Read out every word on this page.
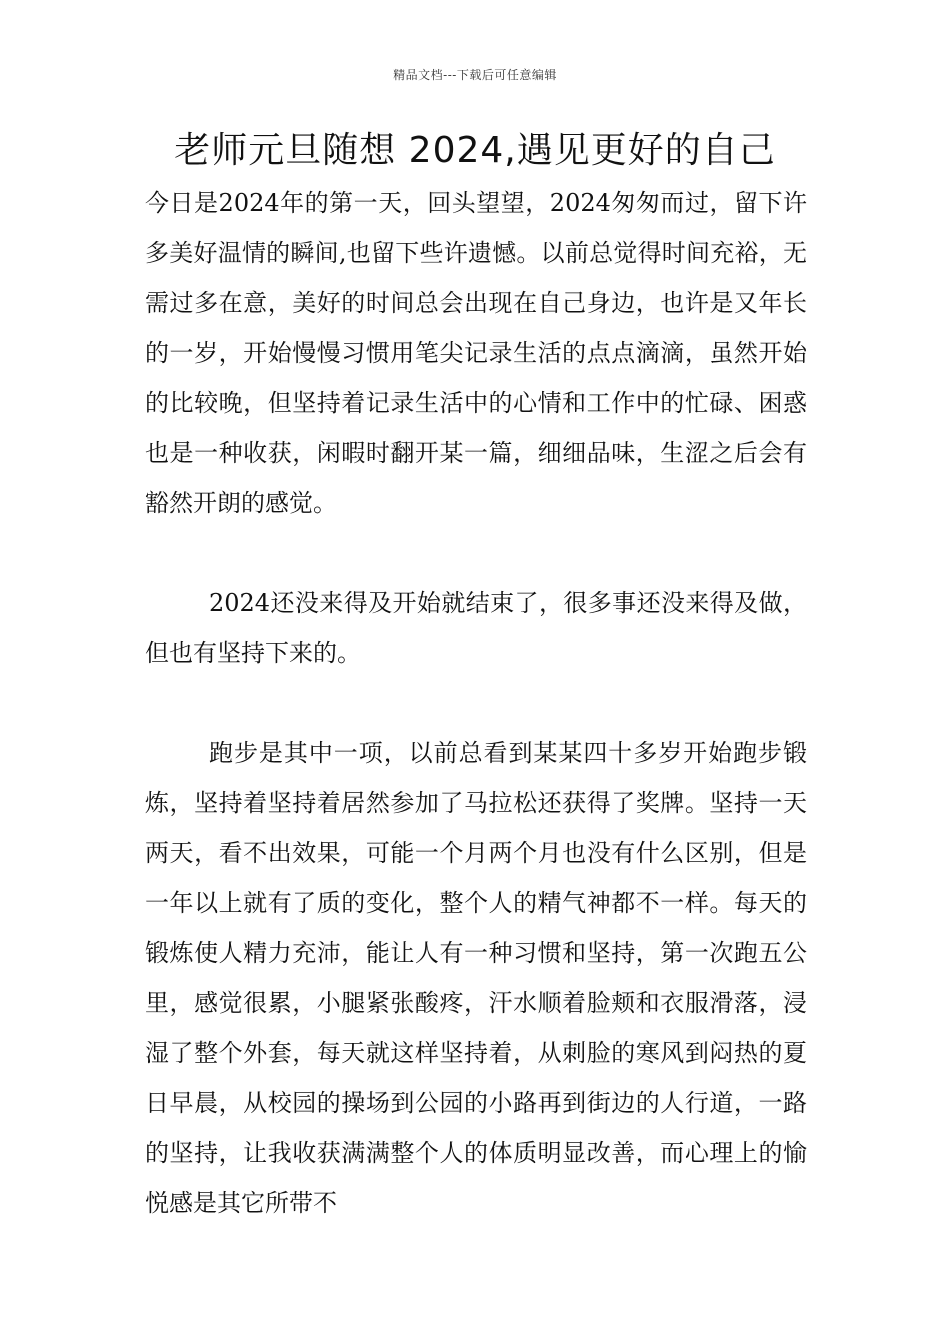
精品文档---下载后可任意编辑
老师元旦随想 2024,遇见更好的自己

今日是2024年的第一天，回头望望，2024匆匆而过，留下许多美好温情的瞬间,也留下些许遗憾。以前总觉得时间充裕，无需过多在意，美好的时间总会出现在自己身边，也许是又年长的一岁，开始慢慢习惯用笔尖记录生活的点点滴滴，虽然开始的比较晚，但坚持着记录生活中的心情和工作中的忙碌、困惑也是一种收获，闲暇时翻开某一篇，细细品味，生涩之后会有豁然开朗的感觉。

2024还没来得及开始就结束了，很多事还没来得及做，但也有坚持下来的。

跑步是其中一项，以前总看到某某四十多岁开始跑步锻炼，坚持着坚持着居然参加了马拉松还获得了奖牌。坚持一天两天，看不出效果，可能一个月两个月也没有什么区别，但是一年以上就有了质的变化，整个人的精气神都不一样。每天的锻炼使人精力充沛，能让人有一种习惯和坚持，第一次跑五公里，感觉很累，小腿紧张酸疼，汗水顺着脸颊和衣服滑落，浸湿了整个外套，每天就这样坚持着，从刺脸的寒风到闷热的夏日早晨，从校园的操场到公园的小路再到街边的人行道，一路的坚持，让我收获满满整个人的体质明显改善，而心理上的愉悦感是其它所带不
